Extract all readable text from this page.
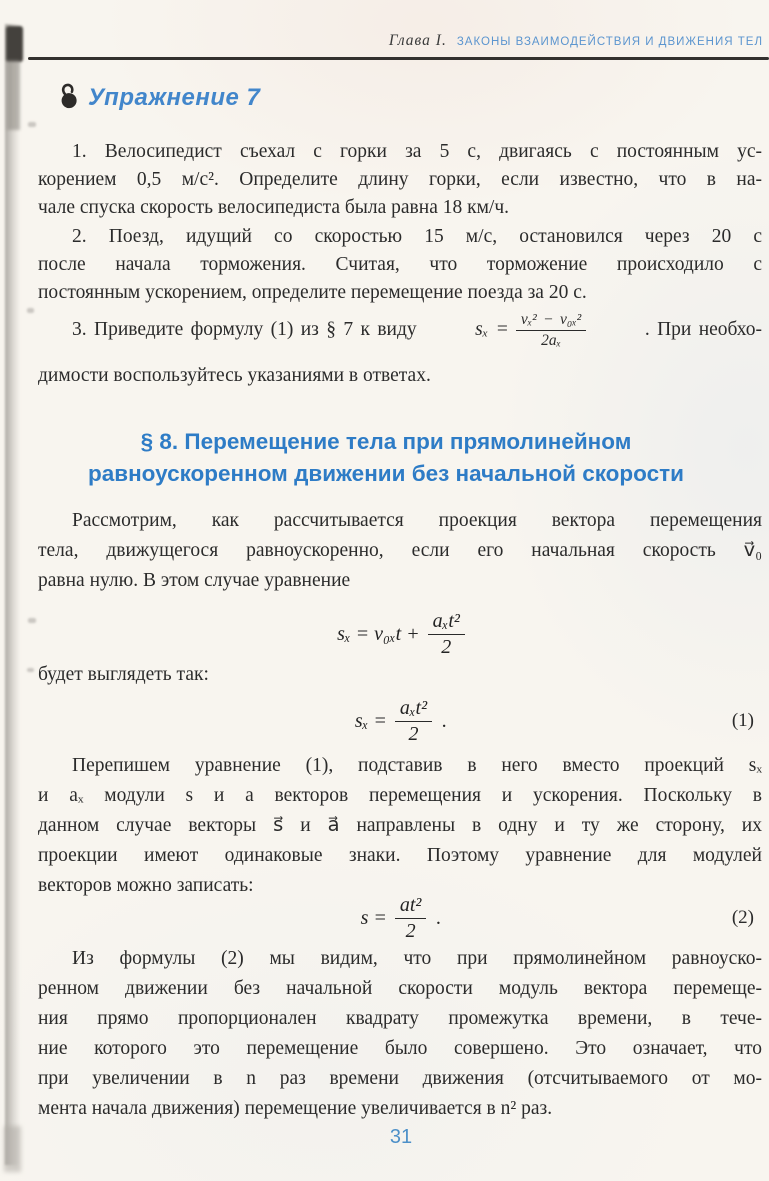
Глава I. ЗАКОНЫ ВЗАИМОДЕЙСТВИЯ И ДВИЖЕНИЯ ТЕЛ
Упражнение 7
1. Велосипедист съехал с горки за 5 с, двигаясь с постоянным ус-
корением 0,5 м/с². Определите длину горки, если известно, что в на-
чале спуска скорость велосипедиста была равна 18 км/ч.
2. Поезд, идущий со скоростью 15 м/с, остановился через 20 с
после начала торможения. Считая, что торможение происходило с
постоянным ускорением, определите перемещение поезда за 20 с.
3. Приведите формулу (1) из § 7 к виду	$s_x = \frac{\text{vₓ² − v₀ₓ²}}{\text{2aₓ}}$	. При необхо-
димости воспользуйтесь указаниями в ответах.
§ 8. Перемещение тела при прямолинейном
равноускоренном движении без начальной скорости
Рассмотрим, как рассчитывается проекция вектора перемещения
тела, движущегося равноускоренно, если его начальная скорость v⃗₀
равна нулю. В этом случае уравнение
$s_x = v_{0x}t + \frac{\text{aₓt²}}{2}$
будет выглядеть так:
$s_x = \frac{\text{aₓt²}}{2}$ .	(1)
Перепишем уравнение (1), подставив в него вместо проекций sₓ
и aₓ модули s и a векторов перемещения и ускорения. Поскольку в
данном случае векторы s⃗ и a⃗ направлены в одну и ту же сторону, их
проекции имеют одинаковые знаки. Поэтому уравнение для модулей
векторов можно записать:
$s = \frac{\text{at²}}{2}$ .	(2)
Из формулы (2) мы видим, что при прямолинейном равноуско-
ренном движении без начальной скорости модуль вектора перемеще-
ния прямо пропорционален квадрату промежутка времени, в тече-
ние которого это перемещение было совершено. Это означает, что
при увеличении в n раз времени движения (отсчитываемого от мо-
мента начала движения) перемещение увеличивается в n² раз.
31
